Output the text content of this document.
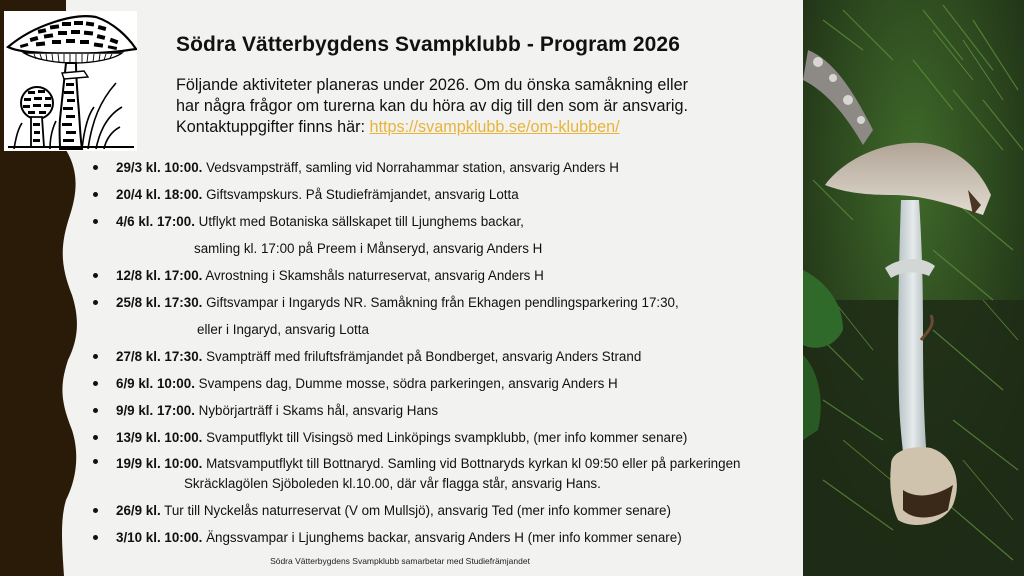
Södra Vätterbygdens Svampklubb - Program 2026
Följande aktiviteter planeras under 2026. Om du önska samåkning eller
har några frågor om turerna kan du höra av dig till den som är ansvarig.
Kontaktuppgifter finns här: https://svampklubb.se/om-klubben/
29/3 kl. 10:00. Vedsvampsträff, samling vid Norrahammar station, ansvarig Anders H
20/4 kl. 18:00. Giftsvampskurs. På Studiefrämjandet, ansvarig Lotta
4/6 kl. 17:00. Utflykt med Botaniska sällskapet till Ljunghems backar,
samling kl. 17:00 på Preem i Månseryd, ansvarig Anders H
12/8 kl. 17:00. Avrostning i Skamshåls naturreservat, ansvarig Anders H
25/8 kl. 17:30. Giftsvampar i Ingaryds NR. Samåkning från Ekhagen pendlingsparkering 17:30,
eller i Ingaryd, ansvarig Lotta
27/8 kl. 17:30. Svampträff med friluftsfrämjandet på Bondberget, ansvarig Anders Strand
6/9 kl. 10:00. Svampens dag, Dumme mosse, södra parkeringen, ansvarig Anders H
9/9 kl. 17:00. Nybörjarträff i Skams hål, ansvarig Hans
13/9 kl. 10:00. Svamputflykt till Visingsö med Linköpings svampklubb, (mer info kommer senare)
19/9 kl. 10:00. Matsvamputflykt till Bottnaryd. Samling vid Bottnaryds kyrkan kl 09:50 eller på parkeringen
Skräcklagölen Sjöboleden kl.10.00, där vår flagga står, ansvarig Hans.
26/9 kl. Tur till Nyckelås naturreservat (V om Mullsjö), ansvarig Ted (mer info kommer senare)
3/10 kl. 10:00. Ängssvampar i Ljunghems backar, ansvarig Anders H (mer info kommer senare)
Södra Vätterbygdens Svampklubb samarbetar med Studiefrämjandet
